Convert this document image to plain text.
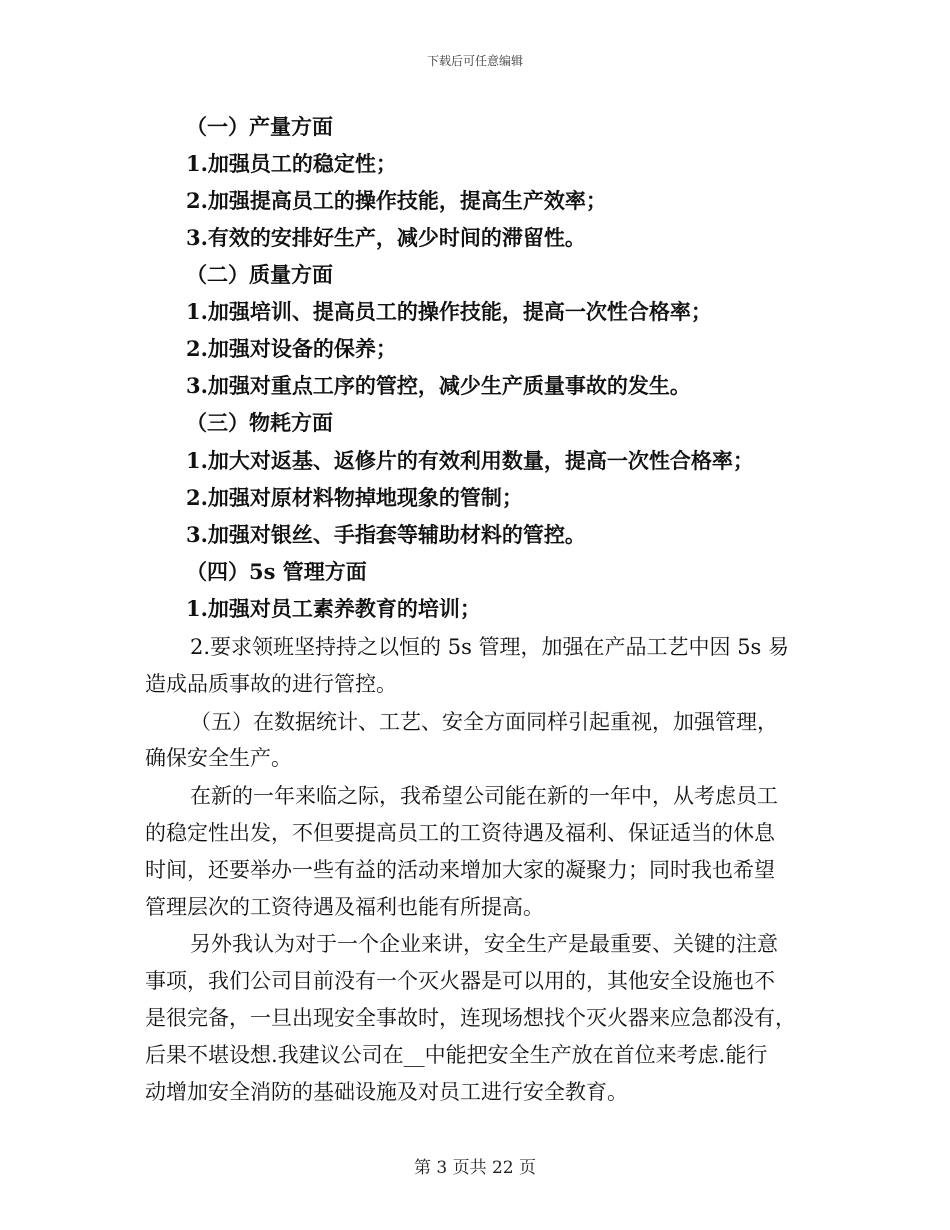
下载后可任意编辑
（一）产量方面
1.加强员工的稳定性；
2.加强提高员工的操作技能，提高生产效率；
3.有效的安排好生产，减少时间的滞留性。
（二）质量方面
1.加强培训、提高员工的操作技能，提高一次性合格率；
2.加强对设备的保养；
3.加强对重点工序的管控，减少生产质量事故的发生。
（三）物耗方面
1.加大对返基、返修片的有效利用数量，提高一次性合格率；
2.加强对原材料物掉地现象的管制；
3.加强对银丝、手指套等辅助材料的管控。
（四）5s 管理方面
1.加强对员工素养教育的培训；
2.要求领班坚持持之以恒的 5s 管理，加强在产品工艺中因 5s 易
造成品质事故的进行管控。
（五）在数据统计、工艺、安全方面同样引起重视，加强管理，
确保安全生产。
在新的一年来临之际，我希望公司能在新的一年中，从考虑员工
的稳定性出发，不但要提高员工的工资待遇及福利、保证适当的休息
时间，还要举办一些有益的活动来增加大家的凝聚力；同时我也希望
管理层次的工资待遇及福利也能有所提高。
另外我认为对于一个企业来讲，安全生产是最重要、关键的注意
事项，我们公司目前没有一个灭火器是可以用的，其他安全设施也不
是很完备，一旦出现安全事故时，连现场想找个灭火器来应急都没有，
后果不堪设想.我建议公司在__中能把安全生产放在首位来考虑.能行
动增加安全消防的基础设施及对员工进行安全教育。
第 3 页共 22 页
